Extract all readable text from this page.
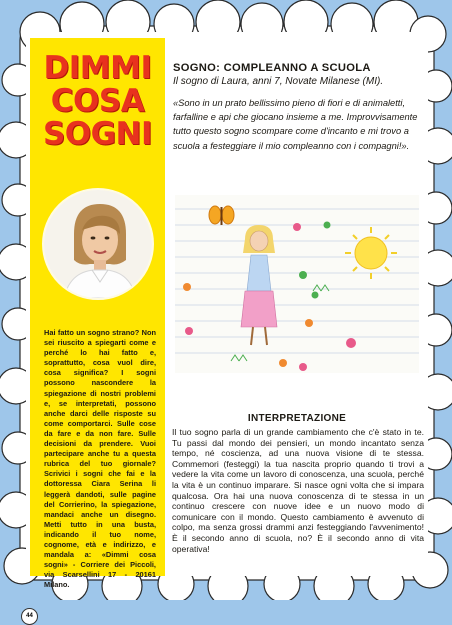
DIMMI
COSA
SOGNI
Hai fatto un sogno strano? Non sei riuscito a spiegarti come e perché lo hai fatto e, soprattutto, cosa vuol dire, cosa significa? I sogni possono nascondere la spiegazione di nostri problemi e, se interpretati, possono anche darci delle risposte su come comportarci. Sulle cose da fare e da non fare. Sulle decisioni da prendere. Vuoi partecipare anche tu a questa rubrica del tuo giornale? Scrivici i sogni che fai e la dottoressa Ciara Serina li leggerà dandoti, sulle pagine del Corrierino, la spiegazione, mandaci anche un disegno. Metti tutto in una busta, indicando il tuo nome, cognome, età e indirizzo, e mandala a: «Dimmi cosa sogni» - Corriere dei Piccoli, via Scarsellini 17 - 20161 Milano.
44
SOGNO: COMPLEANNO A SCUOLA
Il sogno di Laura, anni 7, Novate Milanese (MI).
«Sono in un prato bellissimo pieno di fiori e di animaletti, farfalline e api che giocano insieme a me. Improvvisamente tutto questo sogno scompare come d'incanto e mi trovo a scuola a festeggiare il mio compleanno con i compagni!».
INTERPRETAZIONE
Il tuo sogno parla di un grande cambiamento che c'è stato in te. Tu passi dal mondo dei pensieri, un mondo incantato senza tempo, né coscienza, ad una nuova visione di te stessa. Commemori (festeggi) la tua nascita proprio quando ti trovi a vedere la vita come un lavoro di conoscenza, una scuola, perché la vita è un continuo imparare. Si nasce ogni volta che si impara qualcosa. Ora hai una nuova conoscenza di te stessa in un continuo crescere con nuove idee e un nuovo modo di comunicare con il mondo. Questo cambiamento è avvenuto di colpo, ma senza grossi drammi anzi festeggiando l'avvenimento! È il secondo anno di scuola, no? È il secondo anno di vita operativa!
